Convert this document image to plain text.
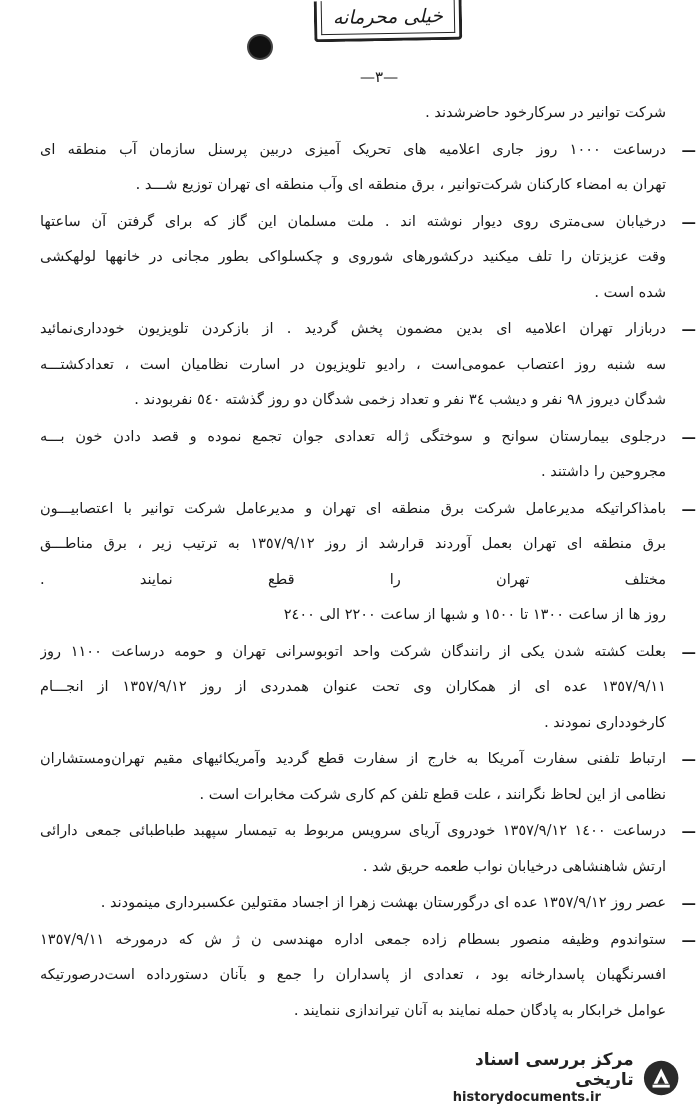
خیلی محرمانه
—٣—
شرکت توانیر در سرکارخود حاضرشدند .
—
درساعت ١٠٠٠ روز جاری اعلامیه های تحریک آمیزی دربین پرسنل سازمان آب منطقه ای
تهران به امضاء کارکنان شرکت‌توانیر ، برق منطقه ای وآب منطقه ای تهران توزیع شـــد .
—
درخیابان سی‌متری روی دیوار نوشته اند . ملت مسلمان این گاز که برای گرفتن آن ساعتها
وقت عزیزتان را تلف میکنید درکشورهای شوروی و چکسلواکی بطور مجانی در خانهها لولهکشی
شده است .
—
دربازار تهران اعلامیه ای بدین مضمون پخش گردید . از بازکردن تلویزیون خودداری‌نمائید
سه شنبه روز اعتصاب عمومی‌است ، رادیو تلویزیون در اسارت نظامیان است ، تعدادکشتـــه
شدگان دیروز ٩٨ نفر و دیشب ٣٤ نفر و تعداد زخمی شدگان دو روز گذشته ٥٤٠ نفربودند .
—
درجلوی بیمارستان سوانح و سوختگی ژاله تعدادی جوان تجمع نموده و قصد دادن خون بـــه
مجروحین را داشتند .
—
بامذاکراتیکه مدیرعامل شرکت برق منطقه ای تهران و مدیرعامل شرکت توانیر با اعتصابیـــون
برق منطقه ای تهران بعمل آوردند قرارشد از روز ١٣٥٧/٩/١٢ به ترتیب زیر ، برق مناطـــق
مختلف تهران را قطع نمایند .
روز ها از ساعت ١٣٠٠ تا ١٥٠٠ و شبها از ساعت ٢٢٠٠ الی ٢٤٠٠
—
بعلت کشته شدن یکی از رانندگان شرکت واحد اتوبوسرانی تهران و حومه درساعت ١١٠٠ روز
١٣٥٧/٩/١١ عده ای از همکاران وی تحت عنوان همدردی از روز ١٣٥٧/٩/١٢ از انجـــام
کارخودداری نمودند .
—
ارتباط تلفنی سفارت آمریکا به خارج از سفارت قطع گردید وآمریکائیهای مقیم تهران‌ومستشاران
نظامی از این لحاظ نگرانند ، علت قطع تلفن کم کاری شرکت مخابرات است .
—
درساعت ١٤٠٠ ١٣٥٧/٩/١٢ خودروی آریای سرویس مربوط به تیمسار سپهبد طباطبائی جمعی دارائی
ارتش شاهنشاهی درخیابان نواب طعمه حریق شد .
—
عصر روز ١٣٥٧/٩/١٢ عده ای درگورستان بهشت زهرا از اجساد مقتولین عکسبرداری مینمودند .
—
ستواندوم وظیفه منصور بسطام زاده جمعی اداره مهندسی ن ژ ش که درمورخه ١٣٥٧/٩/١١
افسرنگهبان پاسدارخانه بود ، تعدادی از پاسداران را جمع و بآنان دستورداده است‌درصورتیکه
عوامل خرابکار به پادگان حمله نمایند به آنان تیراندازی ننمایند .
مرکز بررسی اسناد تاریخی
historydocuments.ir
